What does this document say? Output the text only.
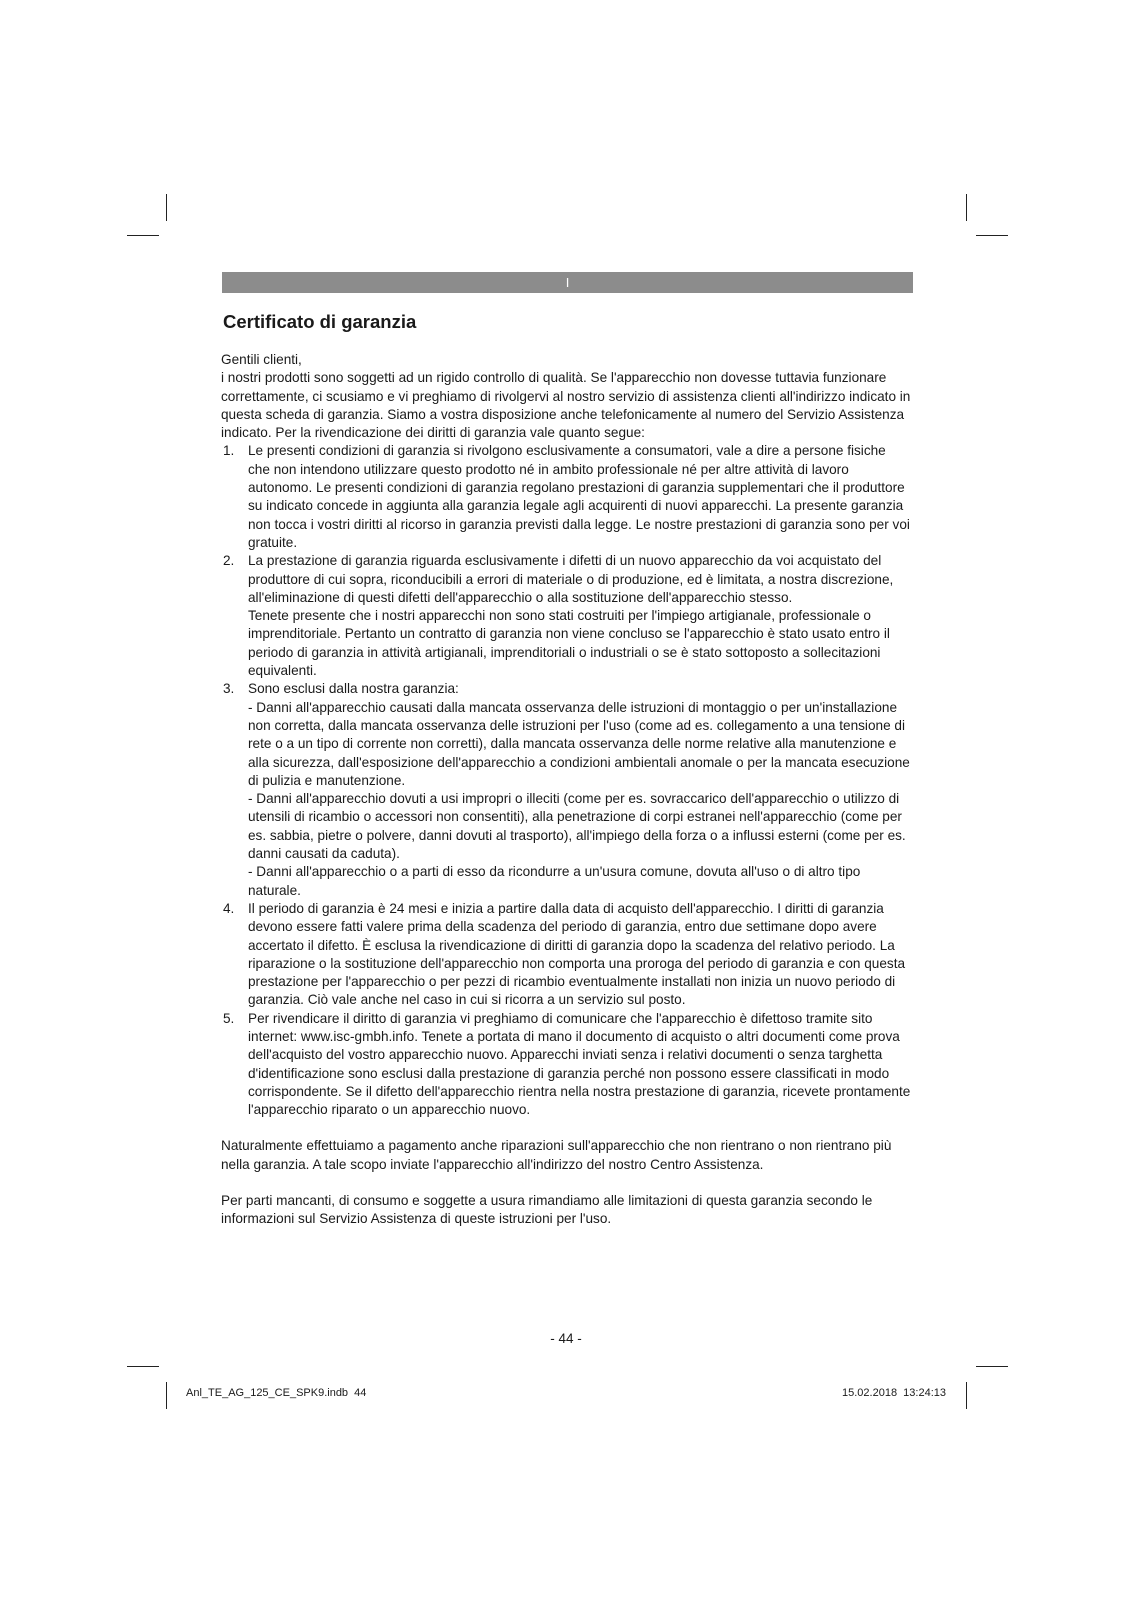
I
Certificato di garanzia

Gentili clienti,

i nostri prodotti sono soggetti ad un rigido controllo di qualità. Se l'apparecchio non dovesse tuttavia funzionare correttamente, ci scusiamo e vi preghiamo di rivolgervi al nostro servizio di assistenza clienti all'indirizzo indicato in questa scheda di garanzia. Siamo a vostra disposizione anche telefonicamente al numero del Servizio Assistenza indicato. Per la rivendicazione dei diritti di garanzia vale quanto segue:

1. Le presenti condizioni di garanzia si rivolgono esclusivamente a consumatori, vale a dire a persone fisiche che non intendono utilizzare questo prodotto né in ambito professionale né per altre attività di lavoro autonomo. Le presenti condizioni di garanzia regolano prestazioni di garanzia supplementari che il produttore su indicato concede in aggiunta alla garanzia legale agli acquirenti di nuovi apparecchi. La presente garanzia non tocca i vostri diritti al ricorso in garanzia previsti dalla legge. Le nostre prestazioni di garanzia sono per voi gratuite.

2. La prestazione di garanzia riguarda esclusivamente i difetti di un nuovo apparecchio da voi acquistato del produttore di cui sopra, riconducibili a errori di materiale o di produzione, ed è limitata, a nostra discrezione, all'eliminazione di questi difetti dell'apparecchio o alla sostituzione dell'apparecchio stesso.

Tenete presente che i nostri apparecchi non sono stati costruiti per l'impiego artigianale, professionale o imprenditoriale. Pertanto un contratto di garanzia non viene concluso se l'apparecchio è stato usato entro il periodo di garanzia in attività artigianali, imprenditoriali o industriali o se è stato sottoposto a sollecitazioni equivalenti.

3. Sono esclusi dalla nostra garanzia:

- Danni all'apparecchio causati dalla mancata osservanza delle istruzioni di montaggio o per un'installazione non corretta, dalla mancata osservanza delle istruzioni per l'uso (come ad es. collegamento a una tensione di rete o a un tipo di corrente non corretti), dalla mancata osservanza delle norme relative alla manutenzione e alla sicurezza, dall'esposizione dell'apparecchio a condizioni ambientali anomale o per la mancata esecuzione di pulizia e manutenzione.

- Danni all'apparecchio dovuti a usi impropri o illeciti (come per es. sovraccarico dell'apparecchio o utilizzo di utensili di ricambio o accessori non consentiti), alla penetrazione di corpi estranei nell'apparecchio (come per es. sabbia, pietre o polvere, danni dovuti al trasporto), all'impiego della forza o a influssi esterni (come per es. danni causati da caduta).

- Danni all'apparecchio o a parti di esso da ricondurre a un'usura comune, dovuta all'uso o di altro tipo naturale.

4. Il periodo di garanzia è 24 mesi e inizia a partire dalla data di acquisto dell'apparecchio. I diritti di garanzia devono essere fatti valere prima della scadenza del periodo di garanzia, entro due settimane dopo avere accertato il difetto. È esclusa la rivendicazione di diritti di garanzia dopo la scadenza del relativo periodo. La riparazione o la sostituzione dell'apparecchio non comporta una proroga del periodo di garanzia e con questa prestazione per l'apparecchio o per pezzi di ricambio eventualmente installati non inizia un nuovo periodo di garanzia. Ciò vale anche nel caso in cui si ricorra a un servizio sul posto.

5. Per rivendicare il diritto di garanzia vi preghiamo di comunicare che l'apparecchio è difettoso tramite sito internet: www.isc-gmbh.info. Tenete a portata di mano il documento di acquisto o altri documenti come prova dell'acquisto del vostro apparecchio nuovo. Apparecchi inviati senza i relativi documenti o senza targhetta d'identificazione sono esclusi dalla prestazione di garanzia perché non possono essere classificati in modo corrispondente. Se il difetto dell'apparecchio rientra nella nostra prestazione di garanzia, ricevete prontamente l'apparecchio riparato o un apparecchio nuovo.

Naturalmente effettuiamo a pagamento anche riparazioni sull'apparecchio che non rientrano o non rientrano più nella garanzia. A tale scopo inviate l'apparecchio all'indirizzo del nostro Centro Assistenza.

Per parti mancanti, di consumo e soggette a usura rimandiamo alle limitazioni di questa garanzia secondo le informazioni sul Servizio Assistenza di queste istruzioni per l'uso.

- 44 -
Anl_TE_AG_125_CE_SPK9.indb  44	15.02.2018  13:24:13
